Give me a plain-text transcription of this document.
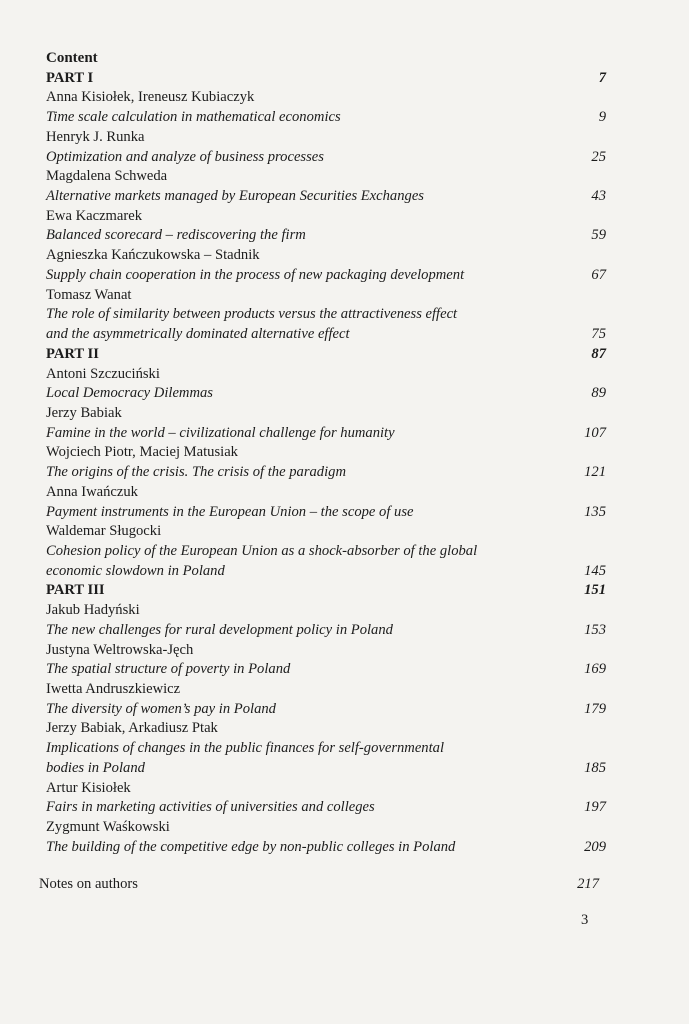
Content
PART I	7
Anna Kisiołek, Ireneusz Kubiaczyk
Time scale calculation in mathematical economics	9
Henryk J. Runka
Optimization and analyze of business processes	25
Magdalena Schweda
Alternative markets managed by European Securities Exchanges	43
Ewa Kaczmarek
Balanced scorecard – rediscovering the firm	59
Agnieszka Kańczukowska – Stadnik
Supply chain cooperation in the process of new packaging development	67
Tomasz Wanat
The role of similarity between products versus the attractiveness effect
and the asymmetrically dominated alternative effect	75
PART II	87
Antoni Szczuciński
Local Democracy Dilemmas	89
Jerzy Babiak
Famine in the world – civilizational challenge for humanity	107
Wojciech Piotr, Maciej Matusiak
The origins of the crisis. The crisis of the paradigm	121
Anna Iwańczuk
Payment instruments in the European Union – the scope of use	135
Waldemar Sługocki
Cohesion policy of the European Union as a shock-absorber of the global
economic slowdown in Poland	145
PART III	151
Jakub Hadyński
The new challenges for rural development policy in Poland	153
Justyna Weltrowska-Jęch
The spatial structure of poverty in Poland	169
Iwetta Andruszkiewicz
The diversity of women’s pay in Poland	179
Jerzy Babiak, Arkadiusz Ptak
Implications of changes in the public finances for self-governmental
bodies in Poland	185
Artur Kisiołek
Fairs in marketing activities of universities and colleges	197
Zygmunt Waśkowski
The building of the competitive edge by non-public colleges in Poland	209
Notes on authors	217
3
